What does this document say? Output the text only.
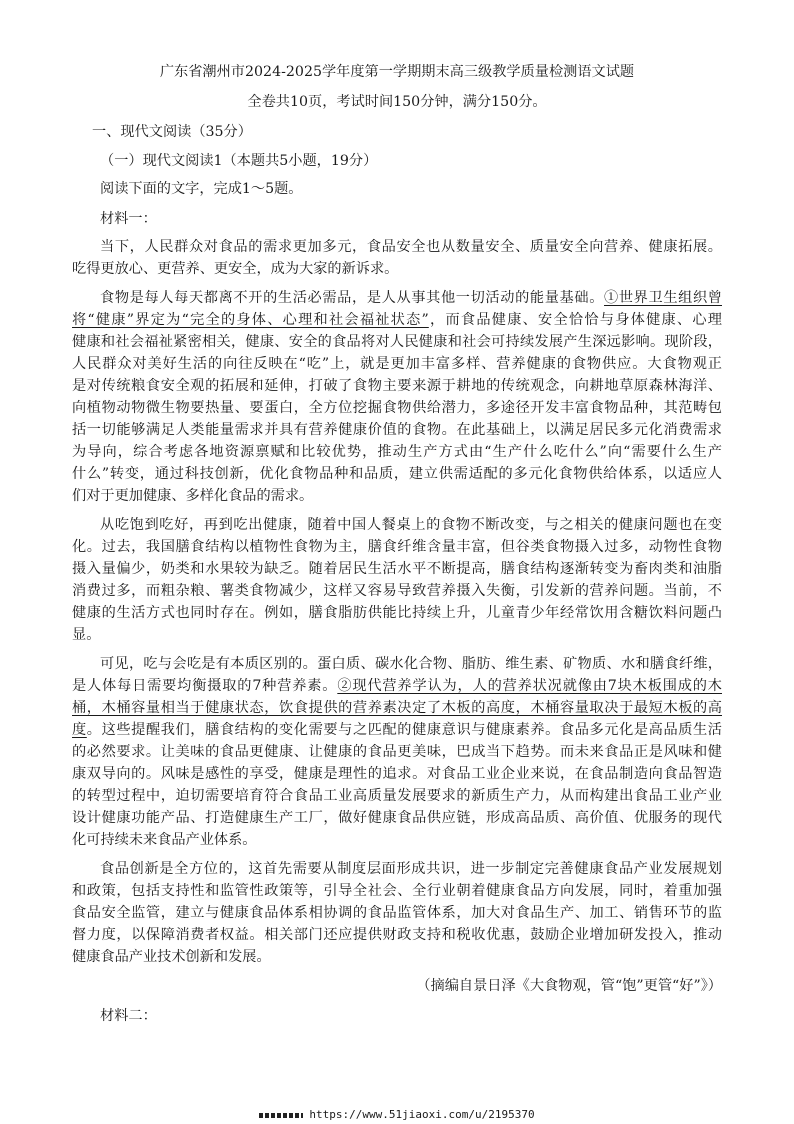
广东省潮州市2024-2025学年度第一学期期末高三级教学质量检测语文试题
全卷共10页，考试时间150分钟，满分150分。
一、现代文阅读（35分）
（一）现代文阅读1（本题共5小题，19分）
阅读下面的文字，完成1～5题。
材料一：
当下，人民群众对食品的需求更加多元，食品安全也从数量安全、质量安全向营养、健康拓展。
吃得更放心、更营养、更安全，成为大家的新诉求。
食物是每人每天都离不开的生活必需品，是人从事其他一切活动的能量基础。①世界卫生组织曾
将“健康”界定为“完全的身体、心理和社会福祉状态”，而食品健康、安全恰恰与身体健康、心理
健康和社会福祉紧密相关，健康、安全的食品将对人民健康和社会可持续发展产生深远影响。现阶段，
人民群众对美好生活的向往反映在“吃”上，就是更加丰富多样、营养健康的食物供应。大食物观正
是对传统粮食安全观的拓展和延伸，打破了食物主要来源于耕地的传统观念，向耕地草原森林海洋、
向植物动物微生物要热量、要蛋白，全方位挖掘食物供给潜力，多途径开发丰富食物品种，其范畴包
括一切能够满足人类能量需求并具有营养健康价值的食物。在此基础上，以满足居民多元化消费需求
为导向，综合考虑各地资源禀赋和比较优势，推动生产方式由“生产什么吃什么”向“需要什么生产
什么”转变，通过科技创新，优化食物品种和品质，建立供需适配的多元化食物供给体系，以适应人
们对于更加健康、多样化食品的需求。
从吃饱到吃好，再到吃出健康，随着中国人餐桌上的食物不断改变，与之相关的健康问题也在变
化。过去，我国膳食结构以植物性食物为主，膳食纤维含量丰富，但谷类食物摄入过多，动物性食物
摄入量偏少，奶类和水果较为缺乏。随着居民生活水平不断提高，膳食结构逐渐转变为畜肉类和油脂
消费过多，而粗杂粮、薯类食物减少，这样又容易导致营养摄入失衡，引发新的营养问题。当前，不
健康的生活方式也同时存在。例如，膳食脂肪供能比持续上升，儿童青少年经常饮用含糖饮料问题凸
显。
可见，吃与会吃是有本质区别的。蛋白质、碳水化合物、脂肪、维生素、矿物质、水和膳食纤维，
是人体每日需要均衡摄取的7种营养素。②现代营养学认为，人的营养状况就像由7块木板围成的木
桶，木桶容量相当于健康状态，饮食提供的营养素决定了木板的高度，木桶容量取决于最短木板的高
度。这些提醒我们，膳食结构的变化需要与之匹配的健康意识与健康素养。食品多元化是高品质生活
的必然要求。让美味的食品更健康、让健康的食品更美味，巴成当下趋势。而未来食品正是风味和健
康双导向的。风味是感性的享受，健康是理性的追求。对食品工业企业来说，在食品制造向食品智造
的转型过程中，迫切需要培育符合食品工业高质量发展要求的新质生产力，从而构建出食品工业产业
设计健康功能产品、打造健康生产工厂，做好健康食品供应链，形成高品质、高价值、优服务的现代
化可持续未来食品产业体系。
食品创新是全方位的，这首先需要从制度层面形成共识，进一步制定完善健康食品产业发展规划
和政策，包括支持性和监管性政策等，引导全社会、全行业朝着健康食品方向发展，同时，着重加强
食品安全监管，建立与健康食品体系相协调的食品监管体系，加大对食品生产、加工、销售环节的监
督力度，以保障消费者权益。相关部门还应提供财政支持和税收优惠，鼓励企业增加研发投入，推动
健康食品产业技术创新和发展。
（摘编自景日泽《大食物观，管“饱”更管“好”》）
材料二：
https://www.51jiaoxi.com/u/2195370
